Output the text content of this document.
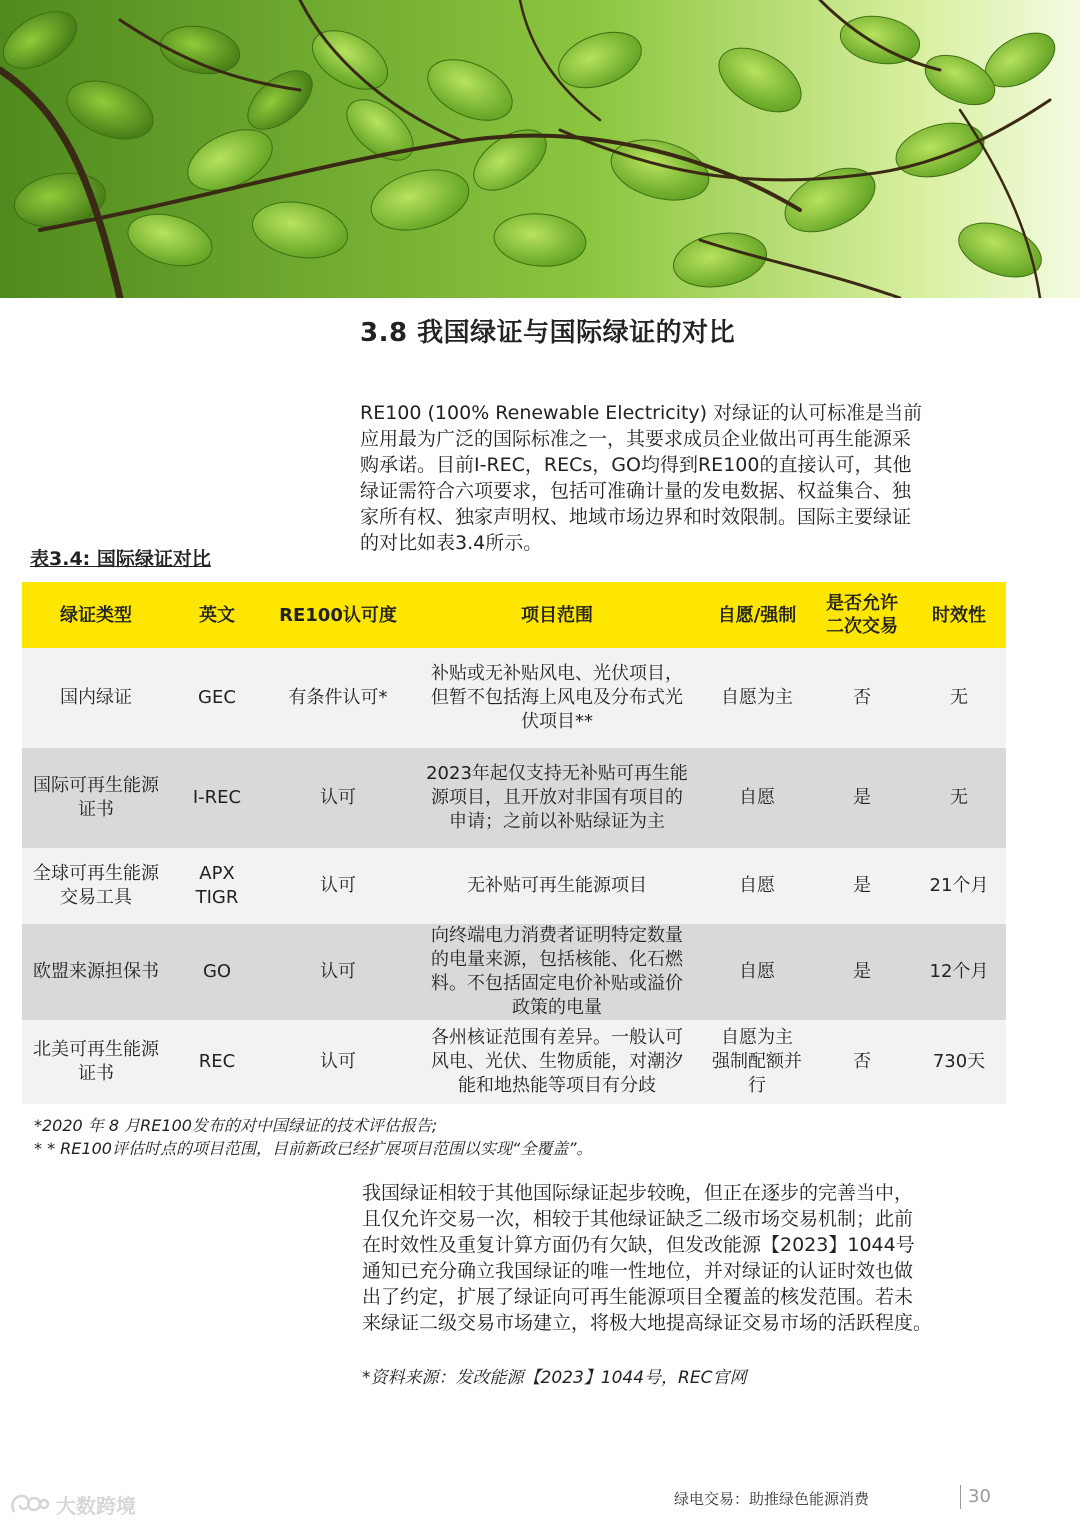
3.8 我国绿证与国际绿证的对比
RE100 (100% Renewable Electricity) 对绿证的认可标准是当前
应用最为广泛的国际标准之一，其要求成员企业做出可再生能源采
购承诺。目前I-REC，RECs，GO均得到RE100的直接认可，其他
绿证需符合六项要求，包括可准确计量的发电数据、权益集合、独
家所有权、独家声明权、地域市场边界和时效限制。国际主要绿证
的对比如表3.4所示。

表3.4: 国际绿证对比

绿证类型	英文	RE100认可度	项目范围	自愿/强制	是否允许
二次交易	时效性
国内绿证	GEC	有条件认可*	补贴或无补贴风电、光伏项目，
但暂不包括海上风电及分布式光
伏项目**	自愿为主	否	无
国际可再生能源
证书	I-REC	认可	2023年起仅支持无补贴可再生能
源项目，且开放对非国有项目的
申请；之前以补贴绿证为主	自愿	是	无
全球可再生能源
交易工具	APX
TIGR	认可	无补贴可再生能源项目	自愿	是	21个月
欧盟来源担保书	GO	认可	向终端电力消费者证明特定数量
的电量来源，包括核能、化石燃
料。不包括固定电价补贴或溢价
政策的电量	自愿	是	12个月
北美可再生能源
证书	REC	认可	各州核证范围有差异。一般认可
风电、光伏、生物质能，对潮汐
能和地热能等项目有分歧	自愿为主
强制配额并
行	否	730天

*2020 年 8 月RE100发布的对中国绿证的技术评估报告;

* * RE100评估时点的项目范围，目前新政已经扩展项目范围以实现“全覆盖”。

我国绿证相较于其他国际绿证起步较晚，但正在逐步的完善当中，
且仅允许交易一次，相较于其他绿证缺乏二级市场交易机制；此前
在时效性及重复计算方面仍有欠缺，但发改能源【2023】1044号
通知已充分确立我国绿证的唯一性地位，并对绿证的认证时效也做
出了约定，扩展了绿证向可再生能源项目全覆盖的核发范围。若未
来绿证二级交易市场建立，将极大地提高绿证交易市场的活跃程度。

*资料来源：发改能源【2023】1044号，REC官网

大数跨境	绿电交易：助推绿色能源消费	30
